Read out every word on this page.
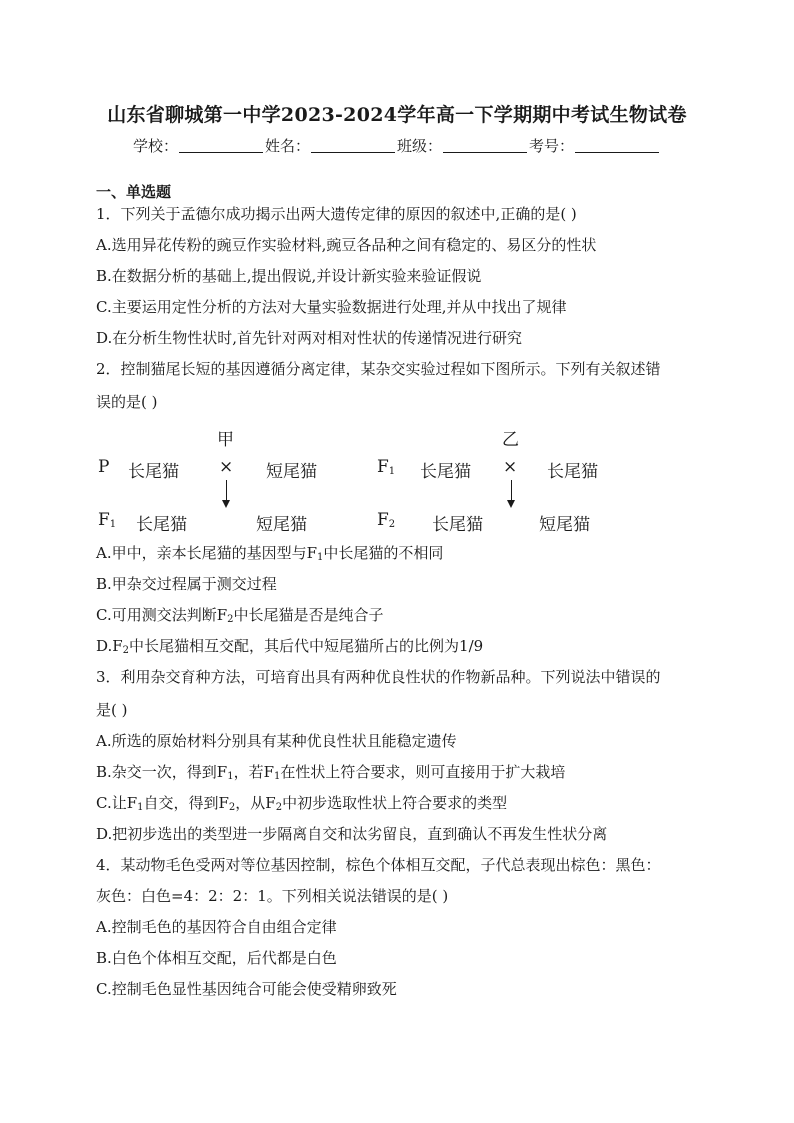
山东省聊城第一中学2023-2024学年高一下学期期中考试生物试卷
学校：	姓名：	班级：	考号：
一、单选题
1．下列关于孟德尔成功揭示出两大遗传定律的原因的叙述中,正确的是( )
A.选用异花传粉的豌豆作实验材料,豌豆各品种之间有稳定的、易区分的性状
B.在数据分析的基础上,提出假说,并设计新实验来验证假说
C.主要运用定性分析的方法对大量实验数据进行处理,并从中找出了规律
D.在分析生物性状时,首先针对两对相对性状的传递情况进行研究
2．控制猫尾长短的基因遵循分离定律，某杂交实验过程如下图所示。下列有关叙述错
误的是( )
甲	乙
P 长尾猫 × 短尾猫	$F_1$ 长尾猫 × 长尾猫
$F_1$ 长尾猫	短尾猫	$F_2$ 长尾猫	短尾猫
A.甲中，亲本长尾猫的基因型与$F_1$中长尾猫的不相同
B.甲杂交过程属于测交过程
C.可用测交法判断$F_2$中长尾猫是否是纯合子
$D.F_2$中长尾猫相互交配，其后代中短尾猫所占的比例为1/9
3．利用杂交育种方法，可培育出具有两种优良性状的作物新品种。下列说法中错误的
是( )
A.所选的原始材料分别具有某种优良性状且能稳定遗传
B.杂交一次，得到$F_1$，若$F_1$在性状上符合要求，则可直接用于扩大栽培
C.让$F_1$自交，得到$F_2$，从$F_2$中初步选取性状上符合要求的类型
D.把初步选出的类型进一步隔离自交和汰劣留良，直到确认不再发生性状分离
4．某动物毛色受两对等位基因控制，棕色个体相互交配，子代总表现出棕色：黑色：
灰色：白色=4：2：2：1。下列相关说法错误的是( )
A.控制毛色的基因符合自由组合定律
B.白色个体相互交配，后代都是白色
C.控制毛色显性基因纯合可能会使受精卵致死
